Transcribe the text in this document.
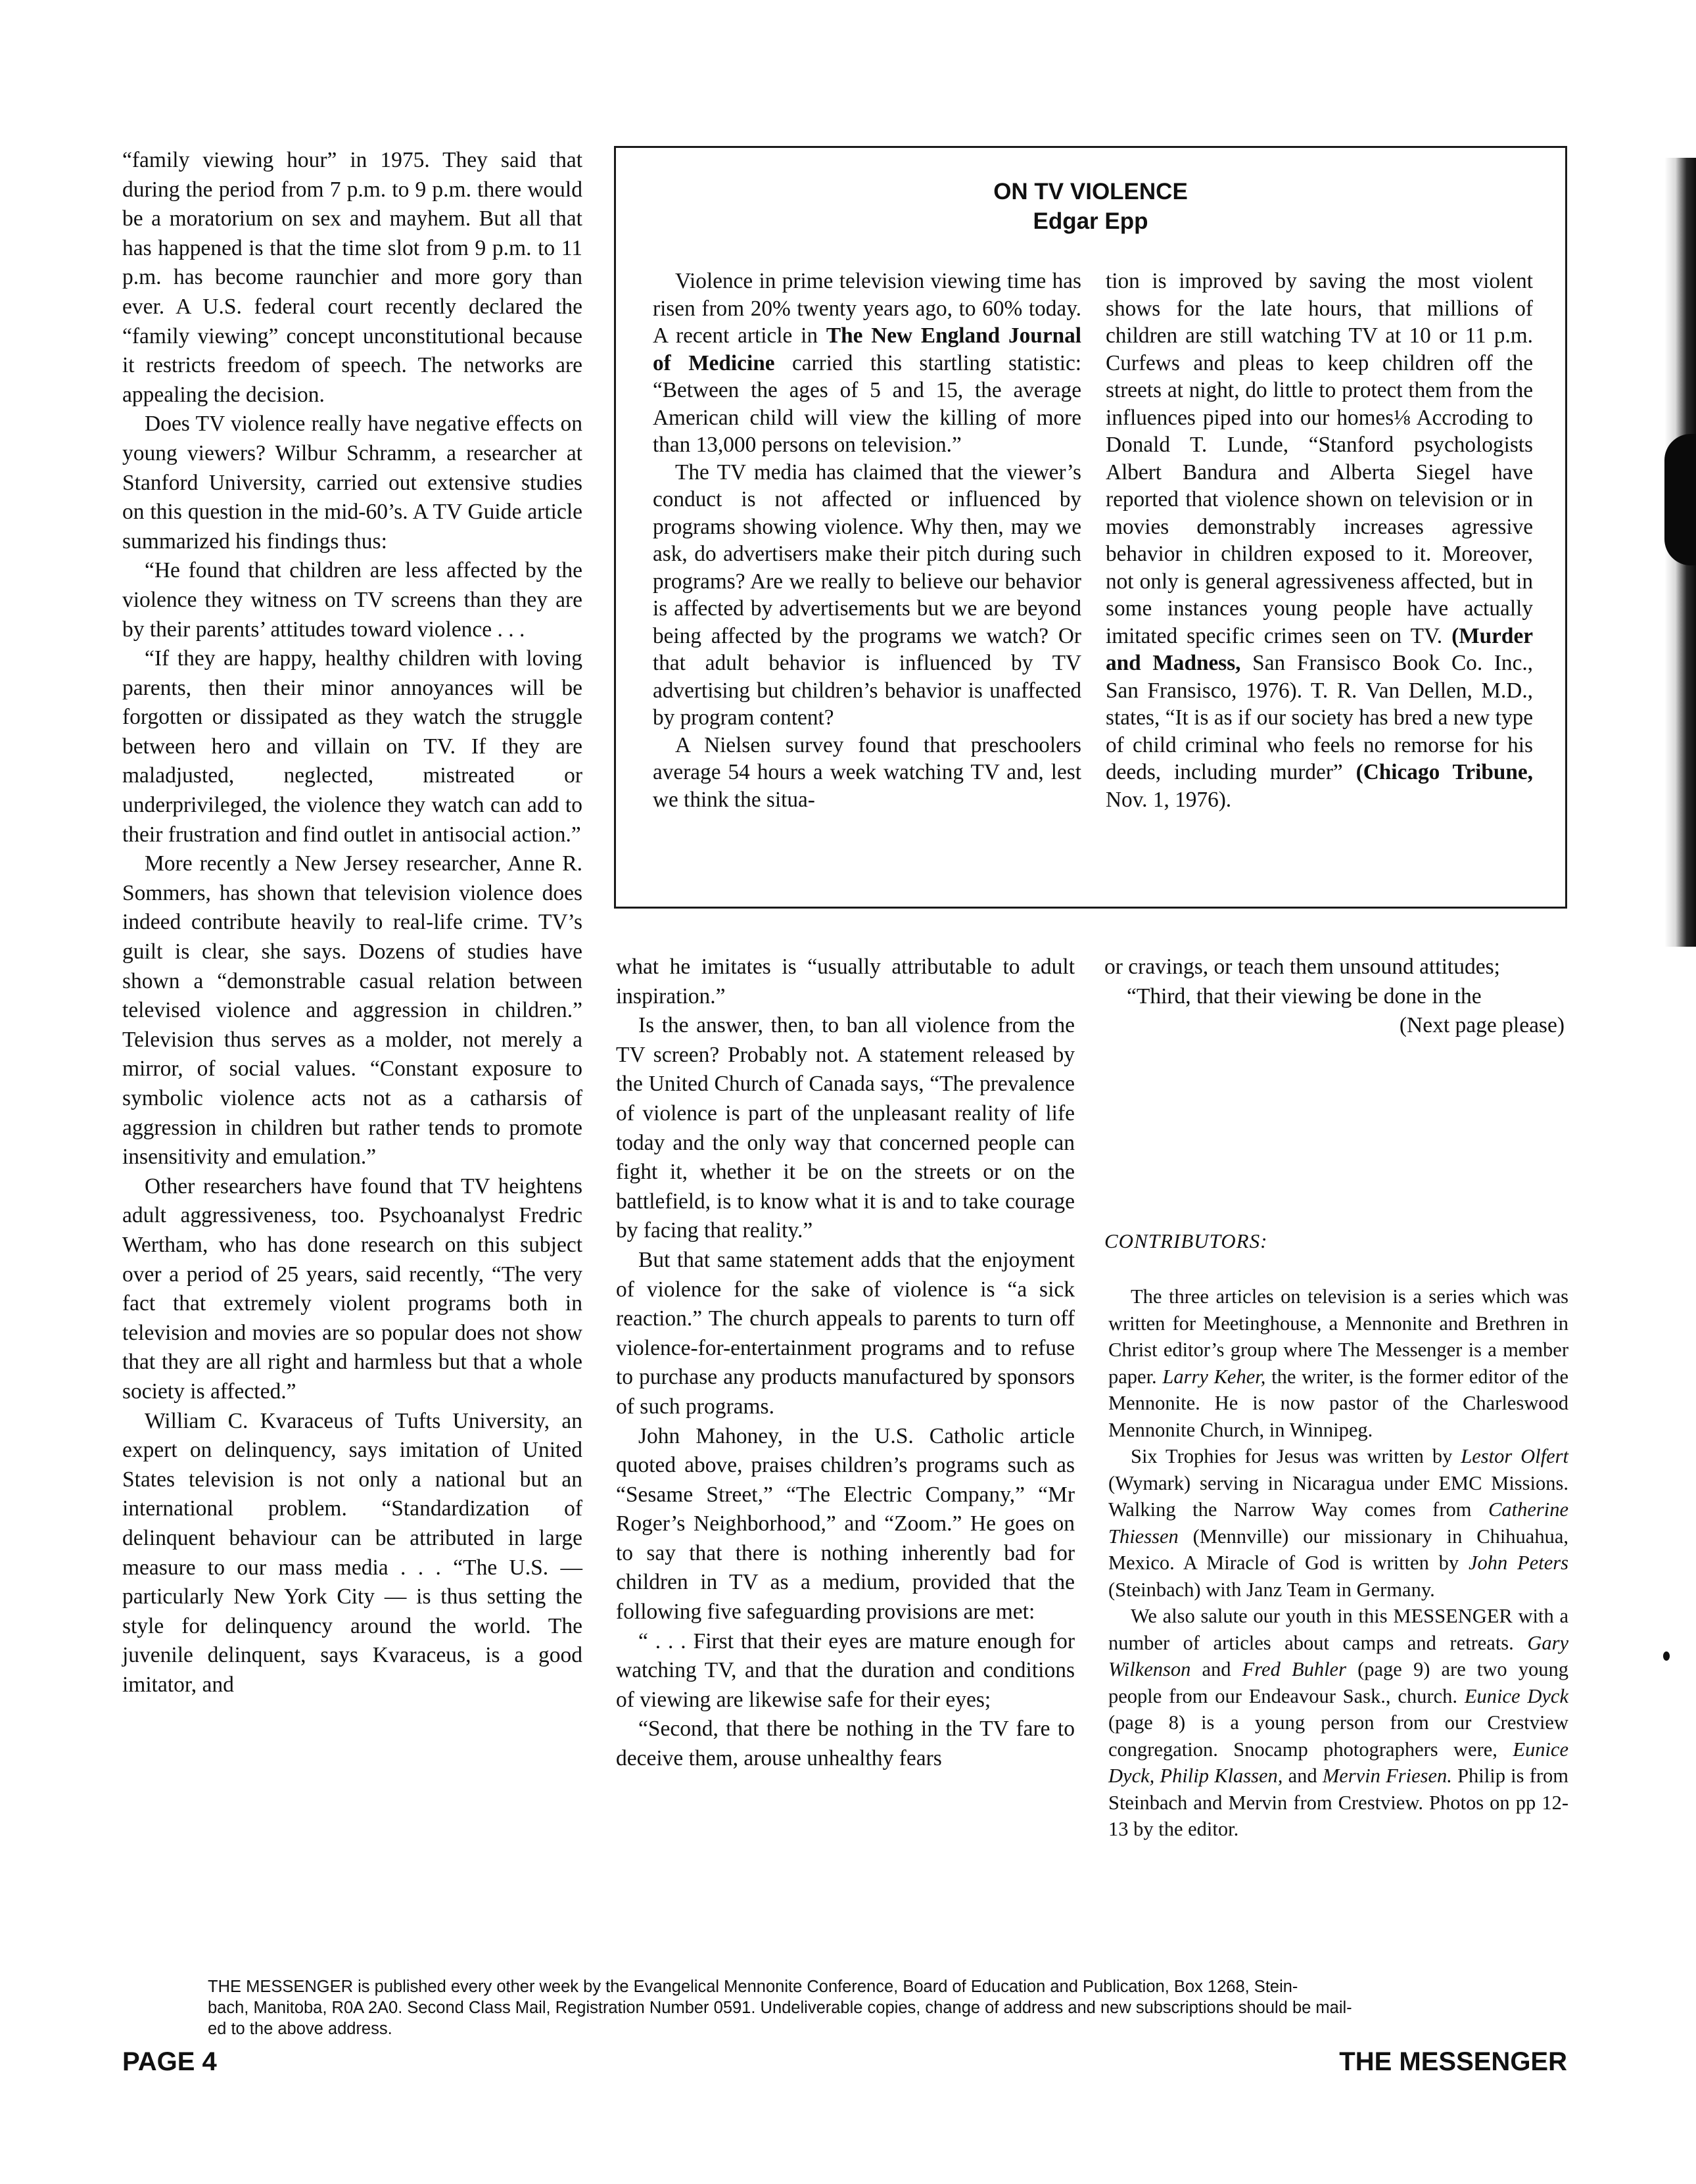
“family viewing hour” in 1975. They said that during the period from 7 p.m. to 9 p.m. there would be a moratorium on sex and mayhem. But all that has happened is that the time slot from 9 p.m. to 11 p.m. has become raunchier and more gory than ever. A U.S. federal court recently declared the “family viewing” concept unconstitutional because it restricts freedom of speech. The networks are appealing the decision.

Does TV violence really have negative effects on young viewers? Wilbur Schramm, a researcher at Stanford University, carried out extensive studies on this question in the mid-60’s. A TV Guide article summarized his findings thus:

“He found that children are less affected by the violence they witness on TV screens than they are by their parents’ attitudes toward violence . . .

“If they are happy, healthy children with loving parents, then their minor annoyances will be forgotten or dissipated as they watch the struggle between hero and villain on TV. If they are maladjusted, neglected, mistreated or underprivileged, the violence they watch can add to their frustration and find outlet in antisocial action.”

More recently a New Jersey researcher, Anne R. Sommers, has shown that television violence does indeed contribute heavily to real-life crime. TV’s guilt is clear, she says. Dozens of studies have shown a “demonstrable casual relation between televised violence and aggression in children.” Television thus serves as a molder, not merely a mirror, of social values. “Constant exposure to symbolic violence acts not as a catharsis of aggression in children but rather tends to promote insensitivity and emulation.”

Other researchers have found that TV heightens adult aggressiveness, too. Psychoanalyst Fredric Wertham, who has done research on this subject over a period of 25 years, said recently, “The very fact that extremely violent programs both in television and movies are so popular does not show that they are all right and harmless but that a whole society is affected.”

William C. Kvaraceus of Tufts University, an expert on delinquency, says imitation of United States television is not only a national but an international problem. “Standardization of delinquent behaviour can be attributed in large measure to our mass media . . . “The U.S. — particularly New York City — is thus setting the style for delinquency around the world. The juvenile delinquent, says Kvaraceus, is a good imitator, and

ON TV VIOLENCE
Edgar Epp

Violence in prime television viewing time has risen from 20% twenty years ago, to 60% today. A recent article in The New England Journal of Medicine carried this startling statistic: “Between the ages of 5 and 15, the average American child will view the killing of more than 13,000 persons on television.”

The TV media has claimed that the viewer’s conduct is not affected or influenced by programs showing violence. Why then, may we ask, do advertisers make their pitch during such programs? Are we really to believe our behavior is affected by advertisements but we are beyond being affected by the programs we watch? Or that adult behavior is influenced by TV advertising but children’s behavior is unaffected by program content?

A Nielsen survey found that preschoolers average 54 hours a week watching TV and, lest we think the situa-

tion is improved by saving the most violent shows for the late hours, that millions of children are still watching TV at 10 or 11 p.m. Curfews and pleas to keep children off the streets at night, do little to protect them from the influences piped into our homes⅛ Accroding to Donald T. Lunde, “Stanford psychologists Albert Bandura and Alberta Siegel have reported that violence shown on television or in movies demonstrably increases agressive behavior in children exposed to it. Moreover, not only is general agressiveness affected, but in some instances young people have actually imitated specific crimes seen on TV. (Murder and Madness, San Fransisco Book Co. Inc., San Fransisco, 1976). T. R. Van Dellen, M.D., states, “It is as if our society has bred a new type of child criminal who feels no remorse for his deeds, including murder” (Chicago Tribune, Nov. 1, 1976).

what he imitates is “usually attributable to adult inspiration.”

Is the answer, then, to ban all violence from the TV screen? Probably not. A statement released by the United Church of Canada says, “The prevalence of violence is part of the unpleasant reality of life today and the only way that concerned people can fight it, whether it be on the streets or on the battlefield, is to know what it is and to take courage by facing that reality.”

But that same statement adds that the enjoyment of violence for the sake of violence is “a sick reaction.” The church appeals to parents to turn off violence-for-entertainment programs and to refuse to purchase any products manufactured by sponsors of such programs.

John Mahoney, in the U.S. Catholic article quoted above, praises children’s programs such as “Sesame Street,” “The Electric Company,” “Mr Roger’s Neighborhood,” and “Zoom.” He goes on to say that there is nothing inherently bad for children in TV as a medium, provided that the following five safeguarding provisions are met:

“ . . . First that their eyes are mature enough for watching TV, and that the duration and conditions of viewing are likewise safe for their eyes;

“Second, that there be nothing in the TV fare to deceive them, arouse unhealthy fears

or cravings, or teach them unsound attitudes;

“Third, that their viewing be done in the

(Next page please)

CONTRIBUTORS:

The three articles on television is a series which was written for Meetinghouse, a Mennonite and Brethren in Christ editor’s group where The Messenger is a member paper. Larry Keher, the writer, is the former editor of the Mennonite. He is now pastor of the Charleswood Mennonite Church, in Winnipeg.

Six Trophies for Jesus was written by Lestor Olfert (Wymark) serving in Nicaragua under EMC Missions. Walking the Narrow Way comes from Catherine Thiessen (Mennville) our missionary in Chihuahua, Mexico. A Miracle of God is written by John Peters (Steinbach) with Janz Team in Germany.

We also salute our youth in this MESSENGER with a number of articles about camps and retreats. Gary Wilkenson and Fred Buhler (page 9) are two young people from our Endeavour Sask., church. Eunice Dyck (page 8) is a young person from our Crestview congregation. Snocamp photographers were, Eunice Dyck, Philip Klassen, and Mervin Friesen. Philip is from Steinbach and Mervin from Crestview. Photos on pp 12-13 by the editor.

THE MESSENGER is published every other week by the Evangelical Mennonite Conference, Board of Education and Publication, Box 1268, Stein-

bach, Manitoba, R0A 2A0. Second Class Mail, Registration Number 0591. Undeliverable copies, change of address and new subscriptions should be mail-

ed to the above address.

PAGE 4	THE MESSENGER
